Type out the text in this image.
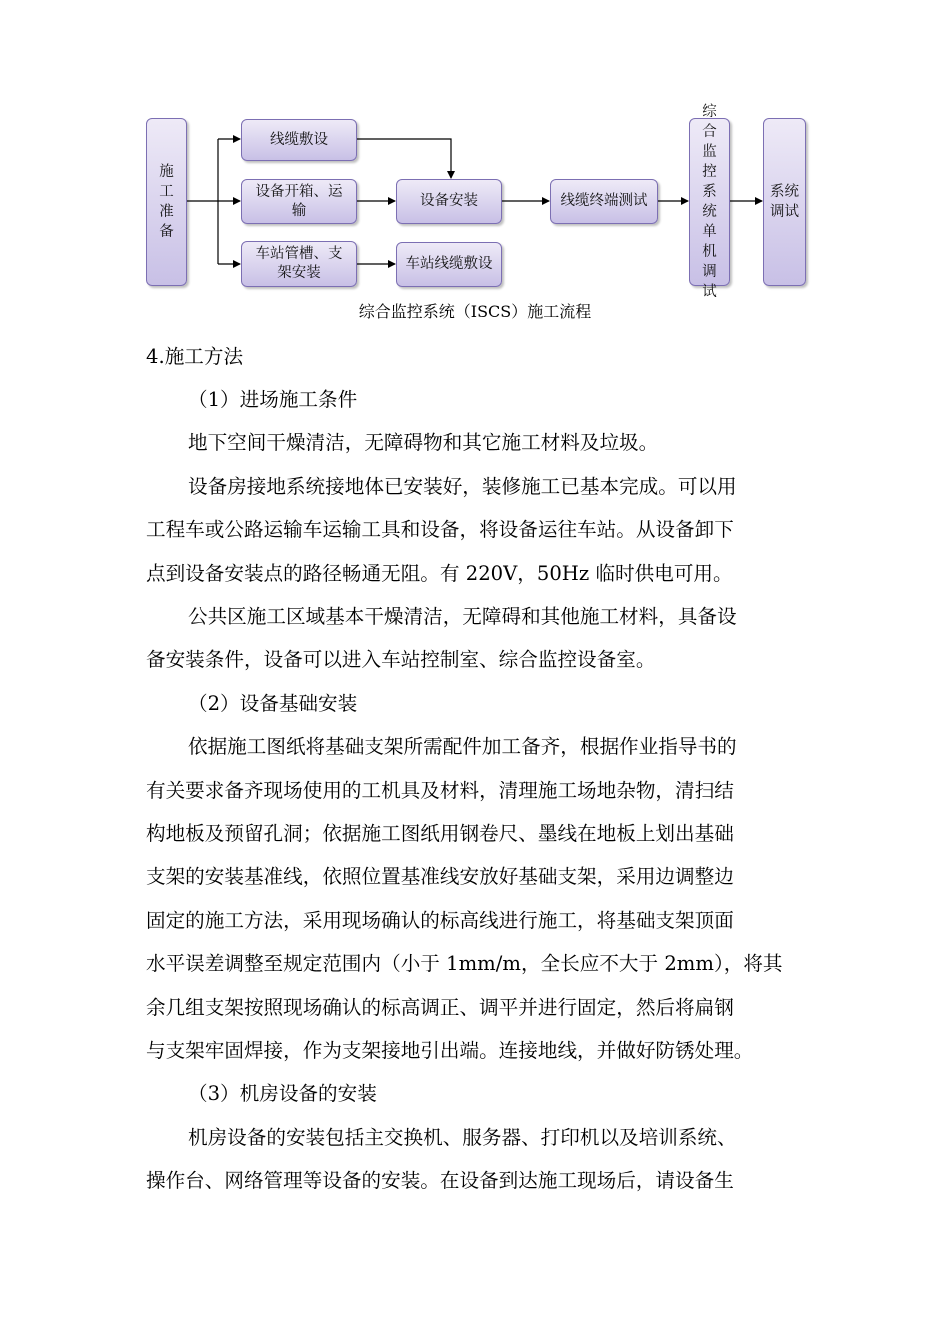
施工准备
线缆敷设
设备开箱、运输
车站管槽、支架安装
设备安装
车站线缆敷设
线缆终端测试
综合监控系统单机调试
系统调试
综合监控系统（ISCS）施工流程
4.施工方法
（1）进场施工条件
地下空间干燥清洁，无障碍物和其它施工材料及垃圾。
设备房接地系统接地体已安装好，装修施工已基本完成。可以用
工程车或公路运输车运输工具和设备，将设备运往车站。从设备卸下
点到设备安装点的路径畅通无阻。有 220V，50Hz 临时供电可用。
公共区施工区域基本干燥清洁，无障碍和其他施工材料，具备设
备安装条件，设备可以进入车站控制室、综合监控设备室。
（2）设备基础安装
依据施工图纸将基础支架所需配件加工备齐，根据作业指导书的
有关要求备齐现场使用的工机具及材料，清理施工场地杂物，清扫结
构地板及预留孔洞；依据施工图纸用钢卷尺、墨线在地板上划出基础
支架的安装基准线，依照位置基准线安放好基础支架，采用边调整边
固定的施工方法，采用现场确认的标高线进行施工，将基础支架顶面
水平误差调整至规定范围内（小于 1mm/m，全长应不大于 2mm），将其
余几组支架按照现场确认的标高调正、调平并进行固定，然后将扁钢
与支架牢固焊接，作为支架接地引出端。连接地线，并做好防锈处理。
（3）机房设备的安装
机房设备的安装包括主交换机、服务器、打印机以及培训系统、
操作台、网络管理等设备的安装。在设备到达施工现场后，请设备生
